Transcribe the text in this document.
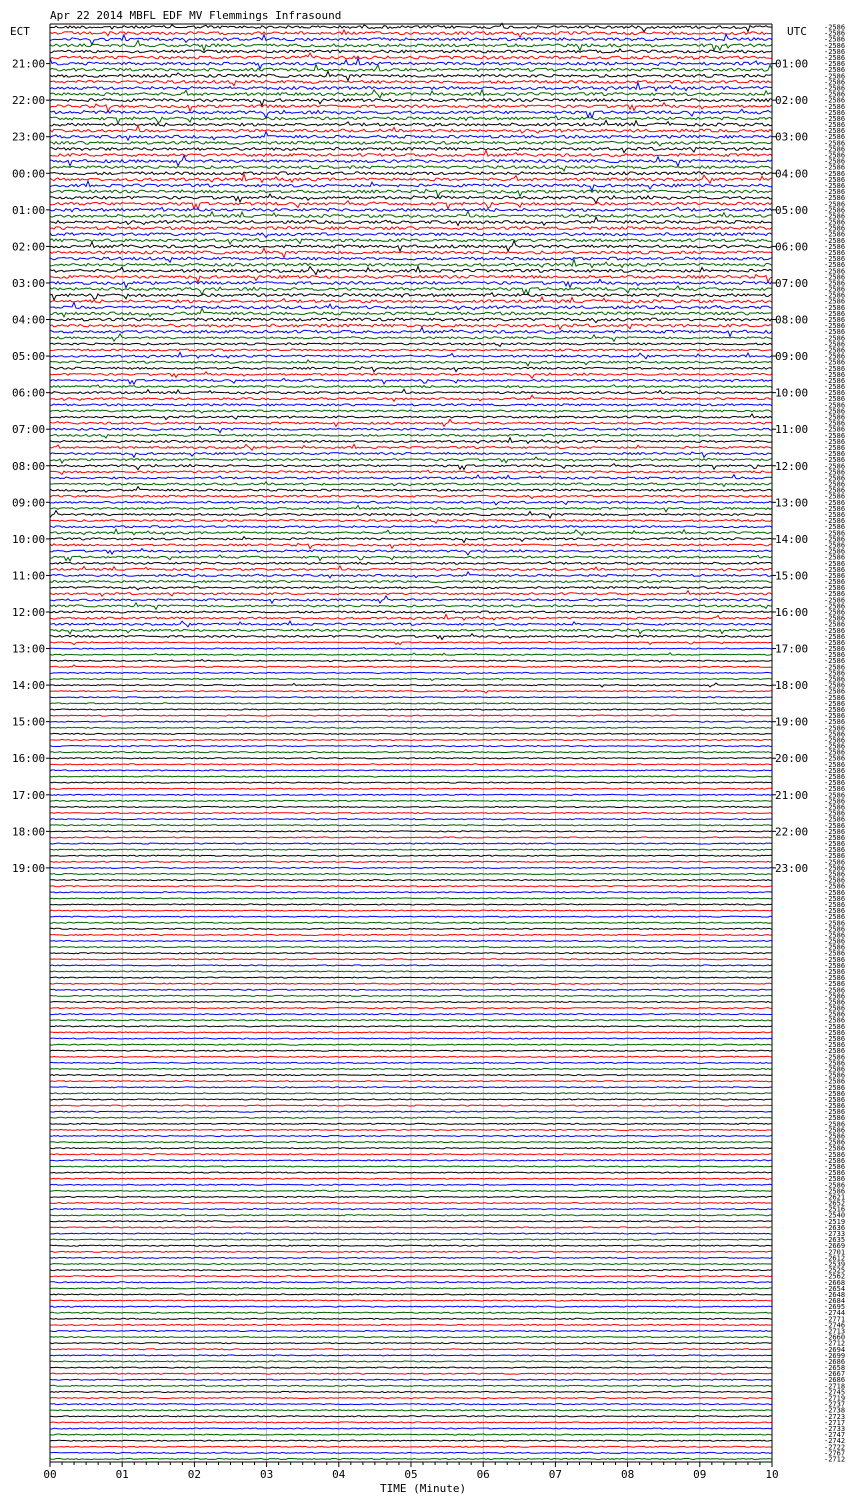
21:00
22:00
23:00
00:00
01:00
02:00
03:00
04:00
05:00
06:00
07:00
08:00
09:00
10:00
11:00
12:00
13:00
14:00
15:00
16:00
17:00
18:00
19:00
01:00
02:00
03:00
04:00
05:00
06:00
07:00
08:00
09:00
10:00
11:00
12:00
13:00
14:00
15:00
16:00
17:00
18:00
19:00
20:00
21:00
22:00
23:00
-2586
-2586
-2586
-2586
-2586
-2586
-2586
-2586
-2586
-2586
-2586
-2586
-2586
-2586
-2586
-2586
-2586
-2586
-2586
-2586
-2586
-2586
-2586
-2586
-2586
-2586
-2586
-2586
-2586
-2586
-2586
-2586
-2586
-2586
-2586
-2586
-2586
-2586
-2586
-2586
-2586
-2586
-2586
-2586
-2586
-2586
-2586
-2586
-2586
-2586
-2586
-2586
-2586
-2586
-2586
-2586
-2586
-2586
-2586
-2586
-2586
-2586
-2586
-2586
-2586
-2586
-2586
-2586
-2586
-2586
-2586
-2586
-2586
-2586
-2586
-2586
-2586
-2586
-2586
-2586
-2586
-2586
-2586
-2586
-2586
-2586
-2586
-2586
-2586
-2586
-2586
-2586
-2586
-2586
-2586
-2586
-2586
-2586
-2586
-2586
-2586
-2586
-2586
-2586
-2586
-2586
-2586
-2586
-2586
-2586
-2586
-2586
-2586
-2586
-2586
-2586
-2586
-2586
-2586
-2586
-2586
-2586
-2586
-2586
-2586
-2586
-2586
-2586
-2586
-2586
-2586
-2586
-2586
-2586
-2586
-2586
-2586
-2586
-2586
-2586
-2586
-2586
-2586
-2586
-2586
-2586
-2586
-2586
-2586
-2586
-2586
-2586
-2586
-2586
-2586
-2586
-2586
-2586
-2586
-2586
-2586
-2586
-2586
-2586
-2586
-2586
-2586
-2586
-2586
-2586
-2586
-2586
-2586
-2586
-2586
-2586
-2586
-2586
-2586
-2586
-2586
-2586
-2586
-2586
-2586
-2586
-2586
-2586
-2586
-2586
-2586
-2586
-2621
-2652
-2516
-2540
-2519
-2636
-2733
-2635
-2669
-2701
-2612
-2539
-2525
-2562
-2668
-2654
-2648
-2684
-2695
-2744
-2771
-2746
-2713
-2660
-2712
-2694
-2699
-2686
-2658
-2667
-2686
-2718
-2745
-2719
-2737
-2738
-2723
-2717
-2733
-2747
-2742
-2722
-2767
-2712
00	01	02	03	04	05	06	07	08	09	10
Apr 22 2014 MBFL EDF MV Flemmings Infrasound
ECT	UTC
TIME (Minute)
